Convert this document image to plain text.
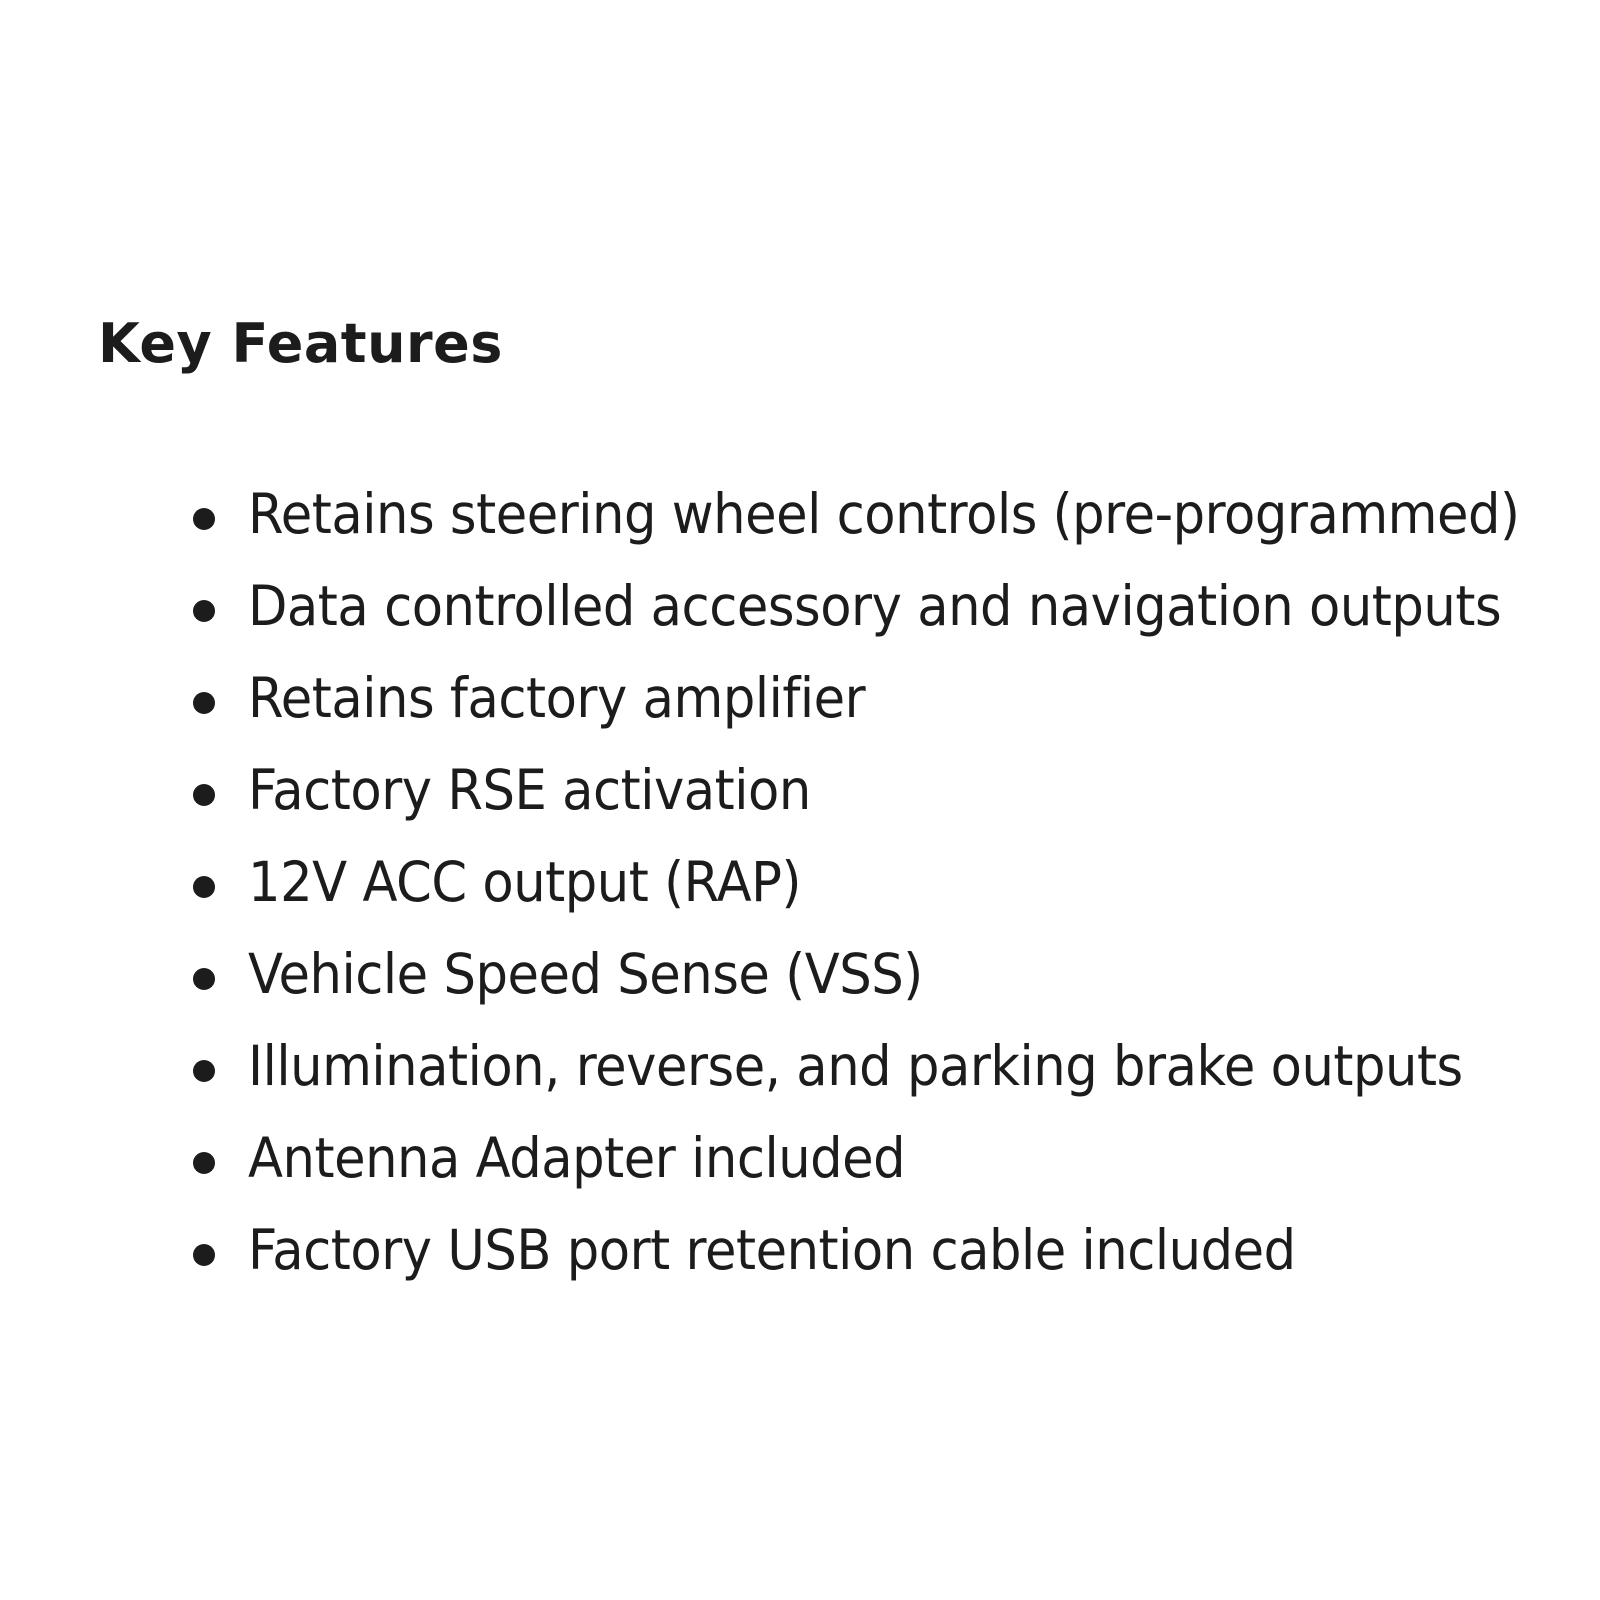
Key Features
Retains steering wheel controls (pre-programmed)
Data controlled accessory and navigation outputs
Retains factory amplifier
Factory RSE activation
12V ACC output (RAP)
Vehicle Speed Sense (VSS)
Illumination, reverse, and parking brake outputs
Antenna Adapter included
Factory USB port retention cable included
